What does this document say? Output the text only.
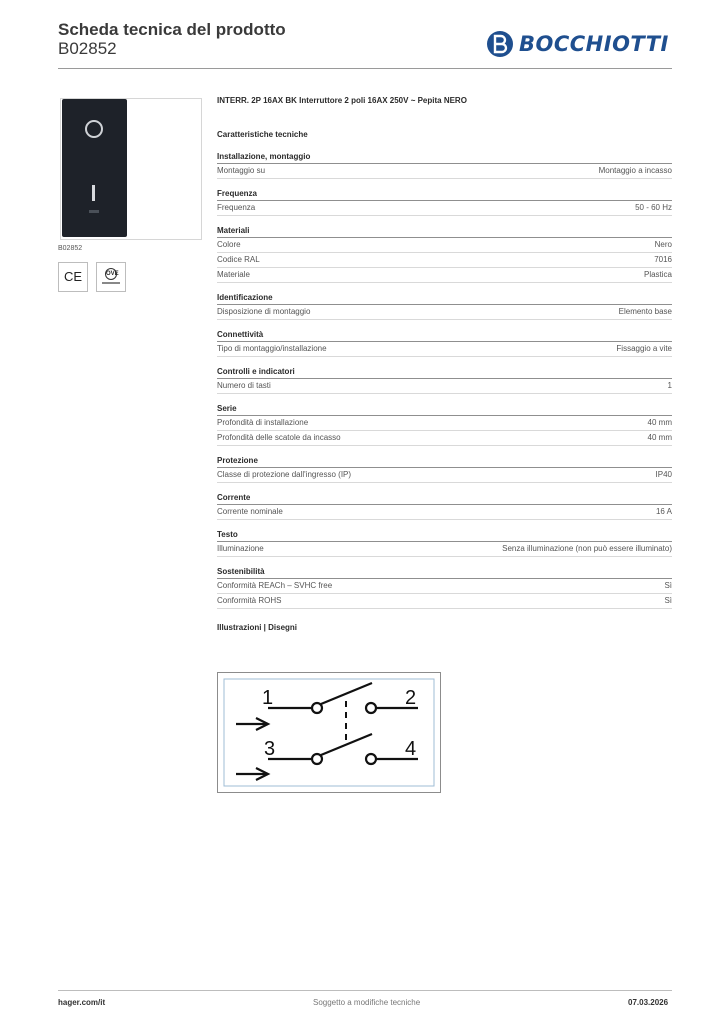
Scheda tecnica del prodotto
B02852	BOCCHIOTTI
B02852
CE	OVE
INTERR. 2P 16AX BK Interruttore 2 poli 16AX 250V ~ Pepita NERO
Caratteristiche tecniche
Installazione, montaggio
Montaggio su	Montaggio a incasso
Frequenza
Frequenza	50 - 60 Hz
Materiali
Colore	Nero
Codice RAL	7016
Materiale	Plastica
Identificazione
Disposizione di montaggio	Elemento base
Connettività
Tipo di montaggio/installazione	Fissaggio a vite
Controlli e indicatori
Numero di tasti	1
Serie
Profondità di installazione	40 mm
Profondità delle scatole da incasso	40 mm
Protezione
Classe di protezione dall'ingresso (IP)	IP40
Corrente
Corrente nominale	16 A
Testo
Illuminazione	Senza illuminazione (non può essere illuminato)
Sostenibilità
Conformità REACh – SVHC free	Sì
Conformità ROHS	Sì
Illustrazioni | Disegni
1	2
3	4
hager.com/it	Soggetto a modifiche tecniche	07.03.2026
